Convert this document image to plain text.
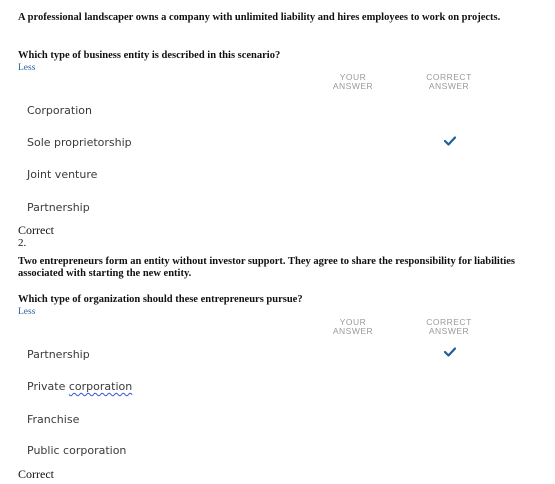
A professional landscaper owns a company with unlimited liability and hires employees to work on projects.
Which type of business entity is described in this scenario?
Less
YOUR
ANSWER
CORRECT
ANSWER
Corporation
Sole proprietorship
Joint venture
Partnership
Correct
2.
Two entrepreneurs form an entity without investor support. They agree to share the responsibility for liabilities associated with starting the new entity.
Which type of organization should these entrepreneurs pursue?
Less
YOUR
ANSWER
CORRECT
ANSWER
Partnership
Private corporation
Franchise
Public corporation
Correct
